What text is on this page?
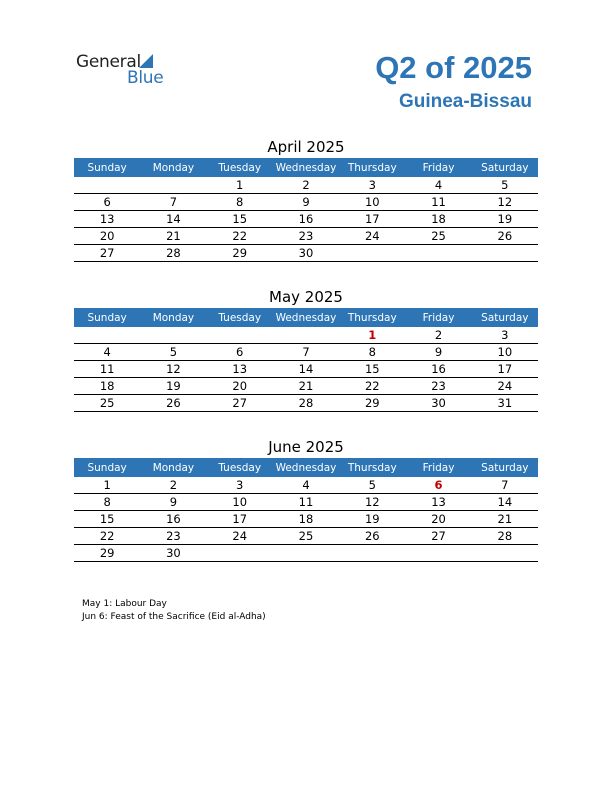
General
Blue	Q2 of 2025
Guinea-Bissau
April 2025
Sunday	Monday	Tuesday	Wednesday	Thursday	Friday	Saturday
		1	2	3	4	5
6	7	8	9	10	11	12
13	14	15	16	17	18	19
20	21	22	23	24	25	26
27	28	29	30			
May 2025
Sunday	Monday	Tuesday	Wednesday	Thursday	Friday	Saturday
				1	2	3
4	5	6	7	8	9	10
11	12	13	14	15	16	17
18	19	20	21	22	23	24
25	26	27	28	29	30	31
June 2025
Sunday	Monday	Tuesday	Wednesday	Thursday	Friday	Saturday
1	2	3	4	5	6	7
8	9	10	11	12	13	14
15	16	17	18	19	20	21
22	23	24	25	26	27	28
29	30					
May 1: Labour Day
Jun 6: Feast of the Sacrifice (Eid al-Adha)
